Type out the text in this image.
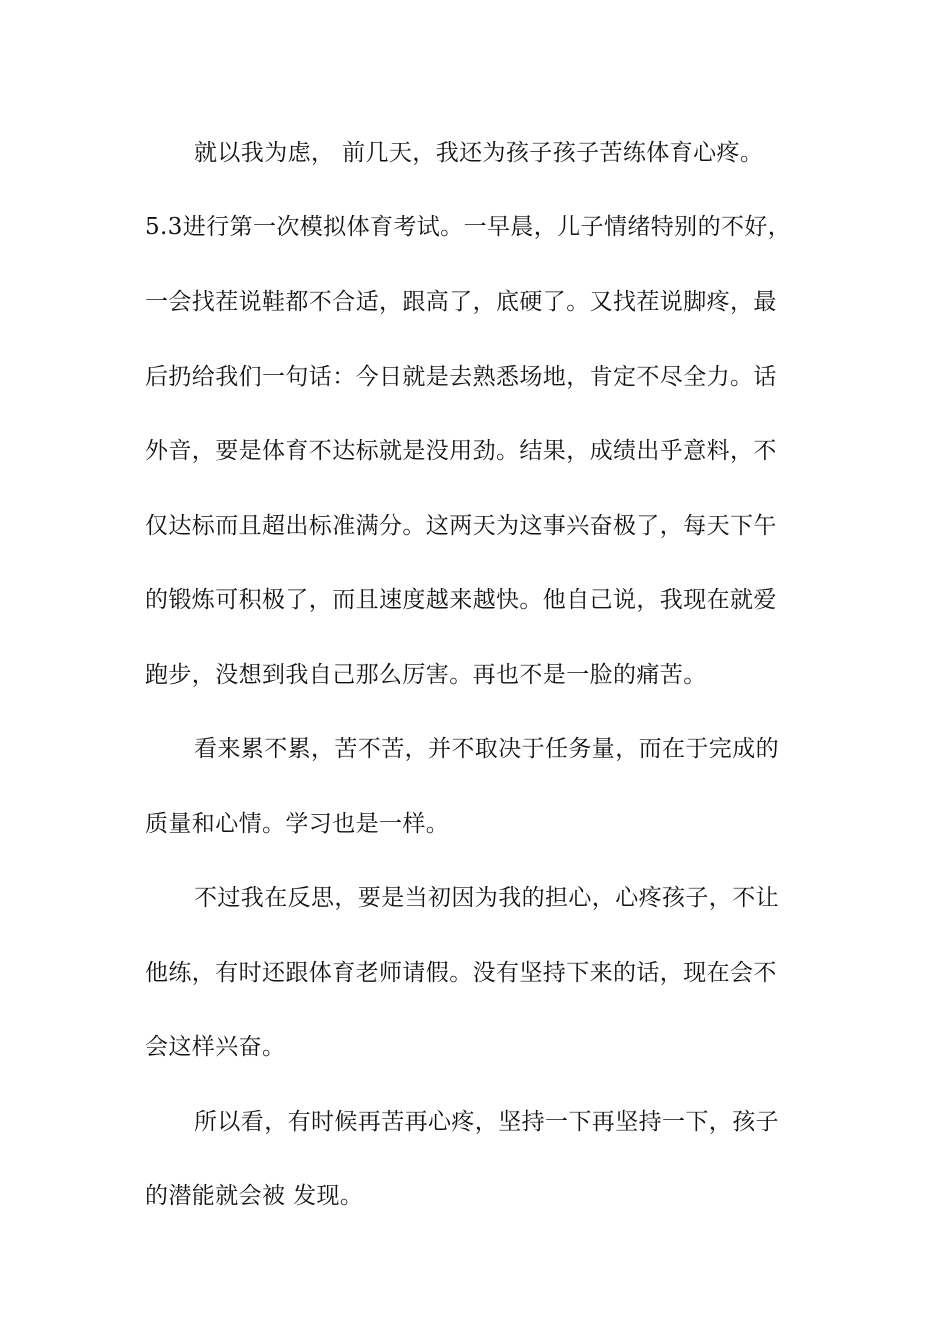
就以我为虑， 前几天，我还为孩子孩子苦练体育心疼。
5.3进行第一次模拟体育考试。一早晨，儿子情绪特别的不好，
一会找茬说鞋都不合适，跟高了，底硬了。又找茬说脚疼，最
后扔给我们一句话：今日就是去熟悉场地，肯定不尽全力。话
外音，要是体育不达标就是没用劲。结果，成绩出乎意料，不
仅达标而且超出标准满分。这两天为这事兴奋极了，每天下午
的锻炼可积极了，而且速度越来越快。他自己说，我现在就爱
跑步，没想到我自己那么厉害。再也不是一脸的痛苦。
看来累不累，苦不苦，并不取决于任务量，而在于完成的
质量和心情。学习也是一样。
不过我在反思，要是当初因为我的担心，心疼孩子，不让
他练，有时还跟体育老师请假。没有坚持下来的话，现在会不
会这样兴奋。
所以看，有时候再苦再心疼，坚持一下再坚持一下，孩子
的潜能就会被 发现。
